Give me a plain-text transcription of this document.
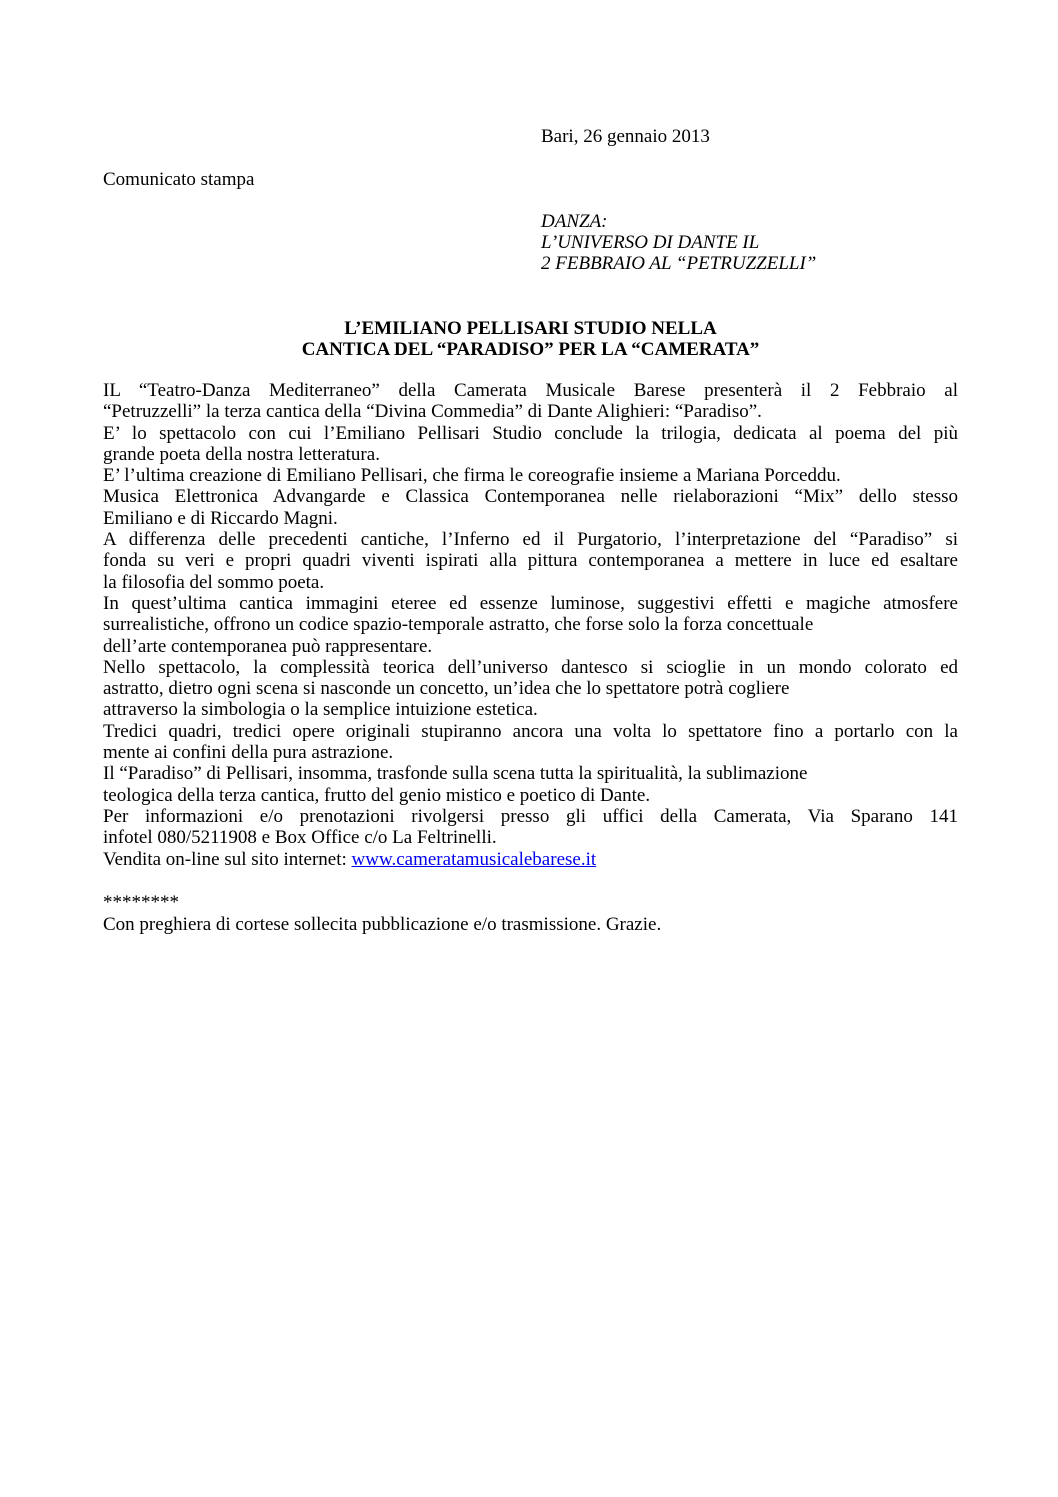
Bari, 26 gennaio 2013
Comunicato stampa
DANZA:
L’UNIVERSO DI DANTE IL
2 FEBBRAIO AL “PETRUZZELLI”
L’EMILIANO PELLISARI STUDIO NELLA
CANTICA DEL “PARADISO” PER LA “CAMERATA”
IL “Teatro-Danza Mediterraneo” della Camerata Musicale Barese presenterà il 2 Febbraio al
“Petruzzelli” la terza cantica della “Divina Commedia” di Dante Alighieri: “Paradiso”.
E’ lo spettacolo con cui l’Emiliano Pellisari Studio conclude la trilogia, dedicata al poema del più
grande poeta della nostra letteratura.
E’ l’ultima creazione di Emiliano Pellisari, che firma le coreografie insieme a Mariana Porceddu.
Musica Elettronica Advangarde e Classica Contemporanea nelle rielaborazioni “Mix” dello stesso
Emiliano e di Riccardo Magni.
A differenza delle precedenti cantiche, l’Inferno ed il Purgatorio, l’interpretazione del “Paradiso” si
fonda su veri e propri quadri viventi ispirati alla pittura contemporanea a mettere in luce ed esaltare
la filosofia del sommo poeta.
In quest’ultima cantica immagini eteree ed essenze luminose, suggestivi effetti e magiche atmosfere
surrealistiche, offrono un codice spazio-temporale astratto, che forse solo la forza concettuale
dell’arte contemporanea può rappresentare.
Nello spettacolo, la complessità teorica dell’universo dantesco si scioglie in un mondo colorato ed
astratto, dietro ogni scena si nasconde un concetto, un’idea che lo spettatore potrà cogliere
attraverso la simbologia o la semplice intuizione estetica.
Tredici quadri, tredici opere originali stupiranno ancora una volta lo spettatore fino a portarlo con la
mente ai confini della pura astrazione.
Il “Paradiso” di Pellisari, insomma, trasfonde sulla scena tutta la spiritualità, la sublimazione
teologica della terza cantica, frutto del genio mistico e poetico di Dante.
Per informazioni e/o prenotazioni rivolgersi presso gli uffici della Camerata, Via Sparano 141
infotel 080/5211908 e Box Office c/o La Feltrinelli.
Vendita on-line sul sito internet: www.cameratamusicalebarese.it
********
Con preghiera di cortese sollecita pubblicazione e/o trasmissione. Grazie.
